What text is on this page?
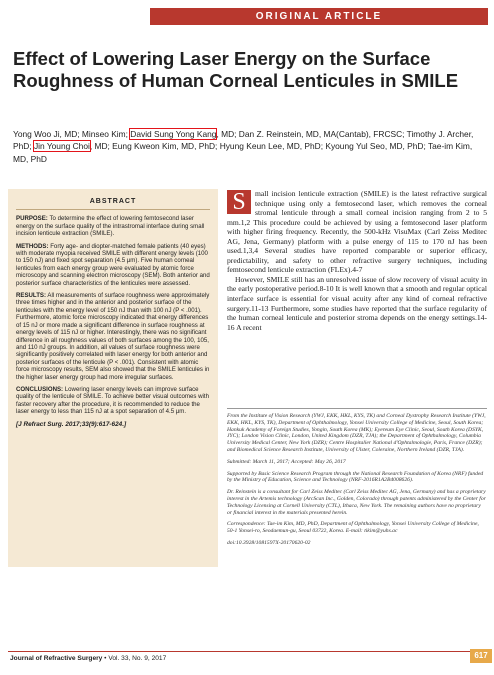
ORIGINAL ARTICLE
Effect of Lowering Laser Energy on the Surface Roughness of Human Corneal Lenticules in SMILE
Yong Woo Ji, MD; Minseo Kim; David Sung Yong Kang, MD; Dan Z. Reinstein, MD, MA(Cantab), FRCSC; Timothy J. Archer, PhD; Jin Young Choi, MD; Eung Kweon Kim, MD, PhD; Hyung Keun Lee, MD, PhD; Kyoung Yul Seo, MD, PhD; Tae-im Kim, MD, PhD
ABSTRACT

PURPOSE: To determine the effect of lowering femtosecond laser energy on the surface quality of the intrastromal interface during small incision lenticule extraction (SMILE).

METHODS: Forty age- and diopter-matched female patients (40 eyes) with moderate myopia received SMILE with different energy levels (100 to 150 nJ) and fixed spot separation (4.5 μm). Five human corneal lenticules from each energy group were evaluated by atomic force microscopy and scanning electron microscopy (SEM). Both anterior and posterior surface characteristics of the lenticules were assessed.

RESULTS: All measurements of surface roughness were approximately three times higher and in the anterior and posterior surface of the lenticules with the energy level of 150 nJ than with 100 nJ (P < .001). Furthermore, atomic force microscopy indicated that energy differences of 15 nJ or more made a significant difference in surface roughness at energy levels of 115 nJ or higher. Interestingly, there was no significant difference in all roughness values of both surfaces among the 100, 105, and 110 nJ groups. In addition, all values of surface roughness were significantly positively correlated with laser energy for both anterior and posterior surfaces of the lenticule (P < .001). Consistent with atomic force microscopy results, SEM also showed that the SMILE lenticules in the higher laser energy group had more irregular surfaces.

CONCLUSIONS: Lowering laser energy levels can improve surface quality of the lenticule of SMILE. To achieve better visual outcomes with faster recovery after the procedure, it is recommended to reduce the laser energy to less than 115 nJ at a spot separation of 4.5 μm.

[J Refract Surg. 2017;33(9):617-624.]

S	mall incision lenticule extraction (SMILE) is the latest refractive surgical technique using only a femtosecond laser, which removes the corneal stromal lenticule through a small corneal incision ranging from 2 to 5 mm.1,2 This procedure could be achieved by using a femtosecond laser platform with higher firing frequency. Recently, the 500-kHz VisuMax (Carl Zeiss Meditec AG, Jena, Germany) platform with a pulse energy of 115 to 170 nJ has been used.1,3,4 Several studies have reported comparable or superior efficacy, predictability, and safety to other refractive surgery techniques, including femtosecond lenticule extraction (FLEx).4-7

However, SMILE still has an unresolved issue of slow recovery of visual acuity in the early postoperative period.8-10 It is well known that a smooth and regular optical interface surface is essential for visual acuity after any kind of corneal refractive surgery.11-13 Furthermore, some studies have reported that the surface regularity of the human corneal lenticule and posterior stroma depends on the energy settings.14-16 A recent

From the Institute of Vision Research (YWJ, EKK, HKL, KYS, TK) and Corneal Dystrophy Research Institute (YWJ, EKK, HKL, KYS, TK), Department of Ophthalmology, Yonsei University College of Medicine, Seoul, South Korea; Hankuk Academy of Foreign Studies, Yongin, South Korea (MK); Eyereum Eye Clinic, Seoul, South Korea (DSYK, JYC); London Vision Clinic, London, United Kingdom (DZR, TJA); the Department of Ophthalmology, Columbia University Medical Center, New York (DZR); Centre Hospitalier National d'Ophtalmologie, Paris, France (DZR); and Biomedical Science Research Institute, University of Ulster, Coleraine, Northern Ireland (DZR, TJA).

Submitted: March 11, 2017; Accepted: May 26, 2017

Supported by Basic Science Research Program through the National Research Foundation of Korea (NRF) funded by the Ministry of Education, Science and Technology (NRF-2016R1A2B4008626).

Dr. Reinstein is a consultant for Carl Zeiss Meditec (Carl Zeiss Meditec AG, Jena, Germany) and has a proprietary interest in the Artemis technology (ArcScan Inc., Golden, Colorado) through patents administered by the Center for Technology Licensing at Cornell University (CTL), Ithaca, New York. The remaining authors have no proprietary or financial interest in the materials presented herein.

Correspondence: Tae-im Kim, MD, PhD, Department of Ophthalmology, Yonsei University College of Medicine, 50-1 Yonsei-ro, Seodaemun-gu, Seoul 03722, Korea. E-mail: tikim@yuhs.ac

doi:10.3928/1081597X-20170620-02

Journal of Refractive Surgery • Vol. 33, No. 9, 2017	617
